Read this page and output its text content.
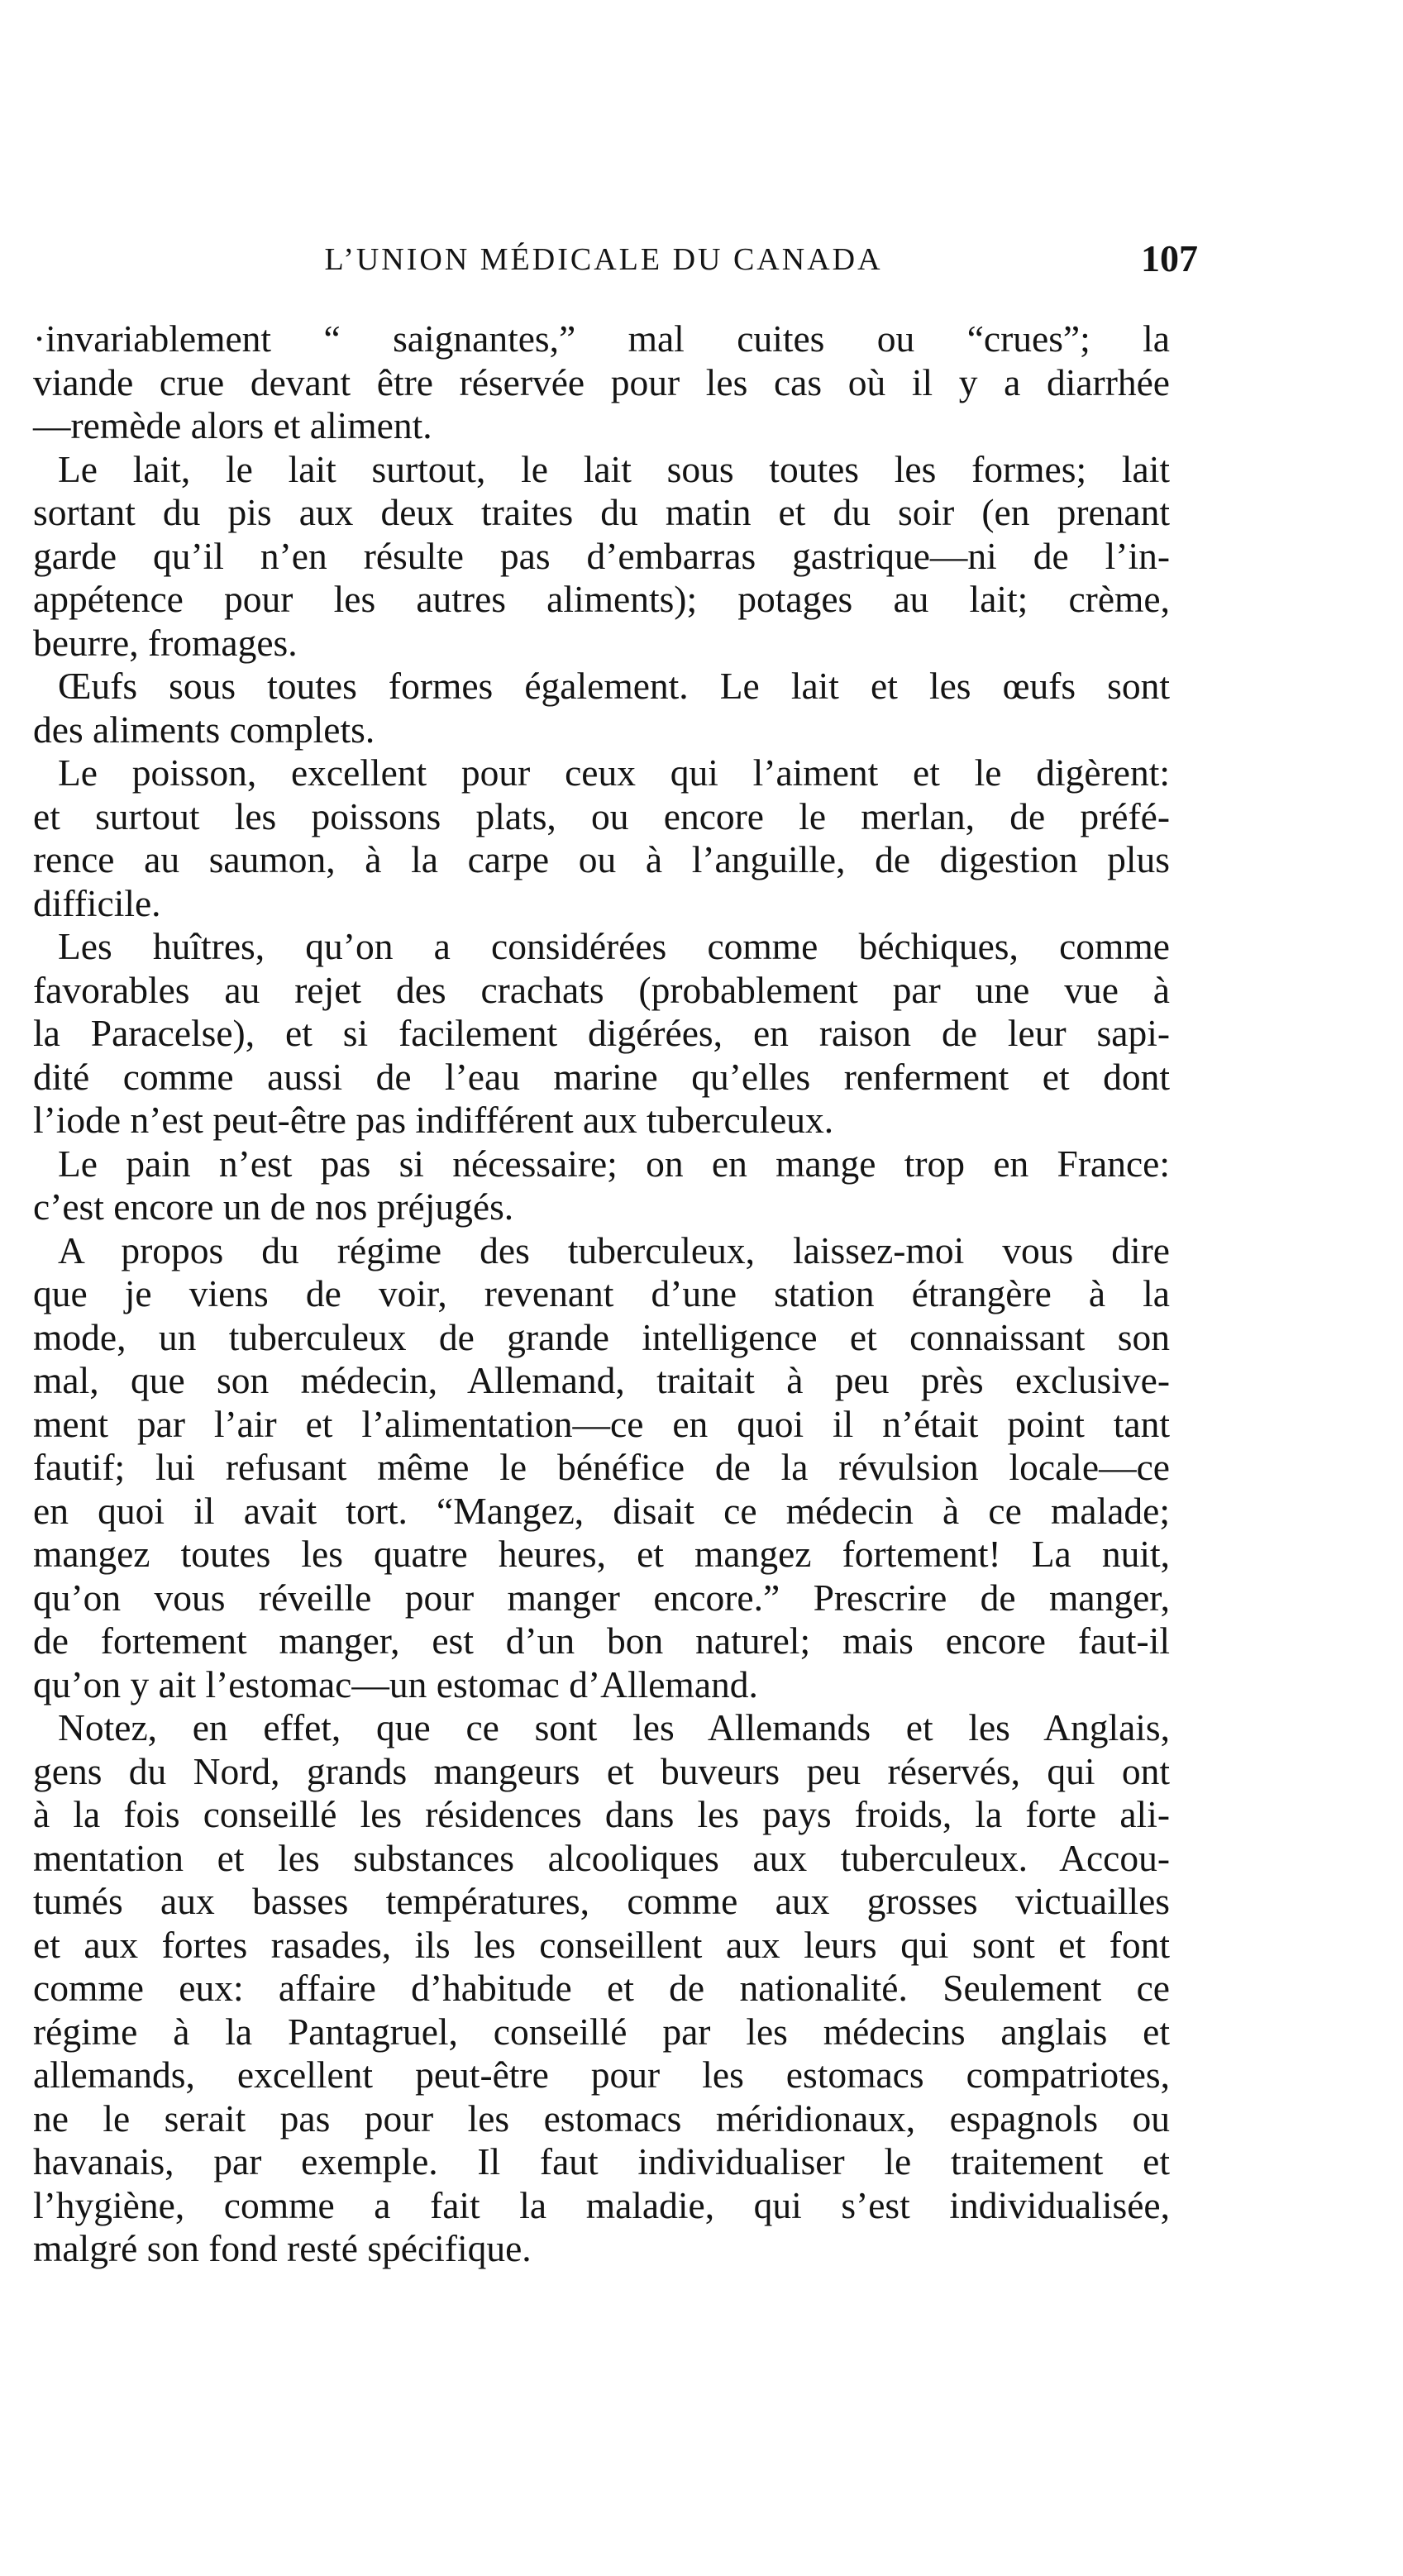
L’UNION MÉDICALE DU CANADA	107
·invariablement “ saignantes,” mal cuites ou “crues”; la
viande crue devant être réservée pour les cas où il y a diarrhée
—remède alors et aliment.
Le lait, le lait surtout, le lait sous toutes les formes; lait
sortant du pis aux deux traites du matin et du soir (en prenant
garde qu’il n’en résulte pas d’embarras gastrique—ni de l’in-
appétence pour les autres aliments); potages au lait; crème,
beurre, fromages.
Œufs sous toutes formes également. Le lait et les œufs sont
des aliments complets.
Le poisson, excellent pour ceux qui l’aiment et le digèrent:
et surtout les poissons plats, ou encore le merlan, de préfé-
rence au saumon, à la carpe ou à l’anguille, de digestion plus
difficile.
Les huîtres, qu’on a considérées comme béchiques, comme
favorables au rejet des crachats (probablement par une vue à
la Paracelse), et si facilement digérées, en raison de leur sapi-
dité comme aussi de l’eau marine qu’elles renferment et dont
l’iode n’est peut-être pas indifférent aux tuberculeux.
Le pain n’est pas si nécessaire; on en mange trop en France:
c’est encore un de nos préjugés.
A propos du régime des tuberculeux, laissez-moi vous dire
que je viens de voir, revenant d’une station étrangère à la
mode, un tuberculeux de grande intelligence et connaissant son
mal, que son médecin, Allemand, traitait à peu près exclusive-
ment par l’air et l’alimentation—ce en quoi il n’était point tant
fautif; lui refusant même le bénéfice de la révulsion locale—ce
en quoi il avait tort. “Mangez, disait ce médecin à ce malade;
mangez toutes les quatre heures, et mangez fortement! La nuit,
qu’on vous réveille pour manger encore.” Prescrire de manger,
de fortement manger, est d’un bon naturel; mais encore faut-il
qu’on y ait l’estomac—un estomac d’Allemand.
Notez, en effet, que ce sont les Allemands et les Anglais,
gens du Nord, grands mangeurs et buveurs peu réservés, qui ont
à la fois conseillé les résidences dans les pays froids, la forte ali-
mentation et les substances alcooliques aux tuberculeux. Accou-
tumés aux basses températures, comme aux grosses victuailles
et aux fortes rasades, ils les conseillent aux leurs qui sont et font
comme eux: affaire d’habitude et de nationalité. Seulement ce
régime à la Pantagruel, conseillé par les médecins anglais et
allemands, excellent peut-être pour les estomacs compatriotes,
ne le serait pas pour les estomacs méridionaux, espagnols ou
havanais, par exemple. Il faut individualiser le traitement et
l’hygiène, comme a fait la maladie, qui s’est individualisée,
malgré son fond resté spécifique.
